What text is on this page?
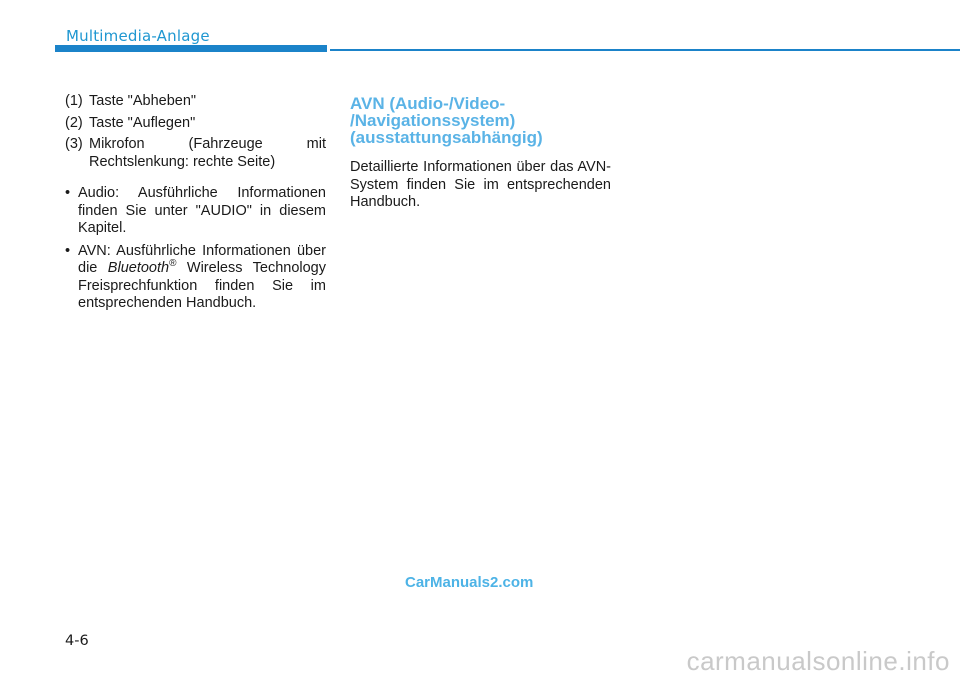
Multimedia-Anlage
(1) Taste "Abheben"
(2) Taste "Auflegen"
(3) Mikrofon (Fahrzeuge mit Rechtslenkung: rechte Seite)
• Audio: Ausführliche Informationen finden Sie unter "AUDIO" in diesem Kapitel.
• AVN: Ausführliche Informationen über die Bluetooth® Wireless Technology Freisprechfunktion finden Sie im entsprechenden Handbuch.
AVN (Audio-/Video-
/Navigationssystem)
(ausstattungsabhängig)

Detaillierte Informationen über das AVN-System finden Sie im entsprechenden Handbuch.

CarManuals2.com
4-6
carmanualsonline.info
